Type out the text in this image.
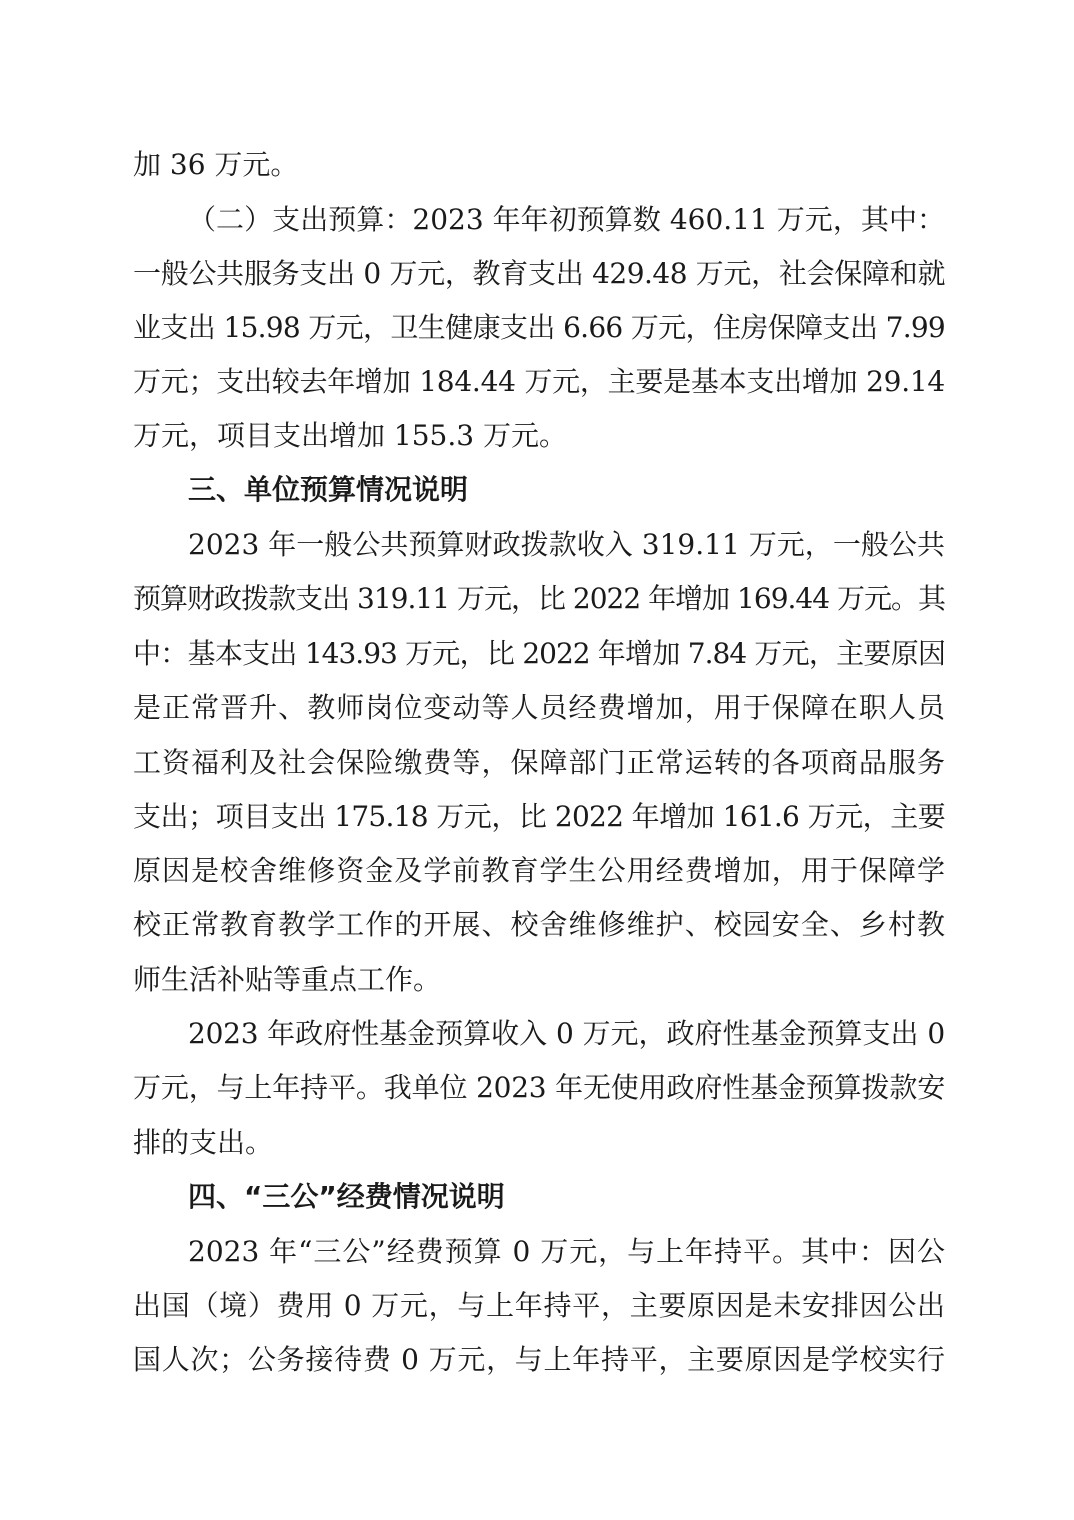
加 36 万元。
（二）支出预算：2023 年年初预算数 460.11 万元，其中：
一般公共服务支出 0 万元，教育支出 429.48 万元，社会保障和就
业支出 15.98 万元，卫生健康支出 6.66 万元，住房保障支出 7.99
万元；支出较去年增加 184.44 万元，主要是基本支出增加 29.14
万元，项目支出增加 155.3 万元。
三、单位预算情况说明
2023 年一般公共预算财政拨款收入 319.11 万元，一般公共
预算财政拨款支出 319.11 万元，比 2022 年增加 169.44 万元。其
中：基本支出 143.93 万元，比 2022 年增加 7.84 万元，主要原因
是正常晋升、教师岗位变动等人员经费增加，用于保障在职人员
工资福利及社会保险缴费等，保障部门正常运转的各项商品服务
支出；项目支出 175.18 万元，比 2022 年增加 161.6 万元，主要
原因是校舍维修资金及学前教育学生公用经费增加，用于保障学
校正常教育教学工作的开展、校舍维修维护、校园安全、乡村教
师生活补贴等重点工作。
2023 年政府性基金预算收入 0 万元，政府性基金预算支出 0
万元，与上年持平。我单位 2023 年无使用政府性基金预算拨款安
排的支出。
四、“三公”经费情况说明
2023 年“三公”经费预算 0 万元，与上年持平。其中：因公
出国（境）费用 0 万元，与上年持平，主要原因是未安排因公出
国人次；公务接待费 0 万元，与上年持平，主要原因是学校实行
